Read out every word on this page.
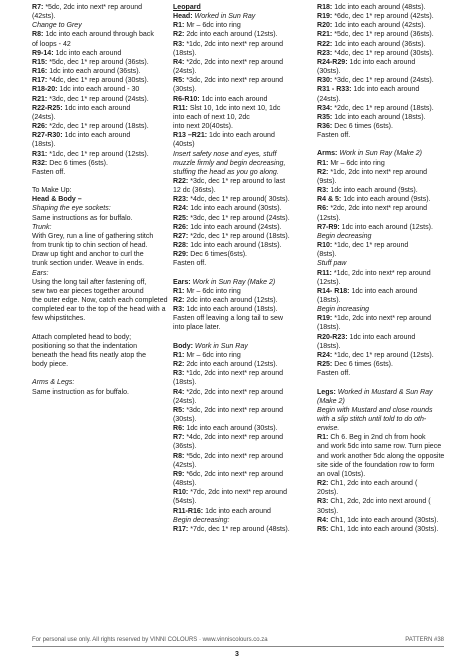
R7: *5dc, 2dc into next* rep around
(42sts).
Change to Grey
R8: 1dc into each around through back
of loops - 42
R9-14: 1dc into each around
R15: *5dc, dec 1* rep around (36sts).
R16: 1dc into each around (36sts).
R17: *4dc, dec 1* rep around (30sts).
R18-20: 1dc into each around - 30
R21: *3dc, dec 1* rep around (24sts).
R22-R25: 1dc into each around
(24sts).
R26: *2dc, dec 1* rep around (18sts).
R27-R30: 1dc into each around
(18sts).
R31: *1dc, dec 1* rep around (12sts).
R32: Dec 6 times (6sts).
Fasten off.
To Make Up:
Head & Body –
Shaping the eye sockets:
Same instructions as for buffalo.
Trunk:
With Grey, run a line of gathering stitch
from trunk tip to chin section of head.
Draw up tight and anchor to curl the
trunk section under. Weave in ends.
Ears:
Using the long tail after fastening off,
sew two ear pieces together around
the outer edge. Now, catch each completed
completed ear to the top of the head with a
few whipstitches.
Attach completed head to body;
positioning so that the indentation
beneath the head fits neatly atop the
body piece.
Arms & Legs:
Same instruction as for buffalo.
Leopard
Head: Worked in Sun Ray
R1: Mr – 6dc into ring
R2: 2dc into each around (12sts).
R3: *1dc, 2dc into next* rep around
(18sts).
R4: *2dc, 2dc into next* rep around
(24sts).
R5: *3dc, 2dc into next* rep around
(30sts).
R6-R10: 1dc into each around
R11: Slst 10, 1dc into next 10, 1dc
into each of next 10, 2dc
into next 20(40sts).
R13 –R21: 1dc into each around
(40sts)
Insert safety nose and eyes, stuff
muzzle firmly and begin decreasing,
stuffing the head as you go along.
R22: *3dc, dec 1* rep around to last
12 dc (36sts).
R23: *4dc, dec 1* rep around( 30sts).
R24: 1dc into each around (30sts).
R25: *3dc, dec 1* rep around (24sts).
R26: 1dc into each around (24sts).
R27: *2dc, dec 1* rep around (18sts).
R28: 1dc into each around (18sts).
R29: Dec 6 times(6sts).
Fasten off.
Ears: Work in Sun Ray (Make 2)
R1: Mr – 6dc into ring
R2: 2dc into each around (12sts).
R3: 1dc into each around (18sts).
Fasten off leaving a long tail to sew
into place later.
Body: Work in Sun Ray
R1: Mr – 6dc into ring
R2: 2dc into each around (12sts).
R3: *1dc, 2dc into next* rep around
(18sts).
R4: *2dc, 2dc into next* rep around
(24sts).
R5: *3dc, 2dc into next* rep around
(30sts).
R6: 1dc into each around (30sts).
R7: *4dc, 2dc into next* rep around
(36sts).
R8: *5dc, 2dc into next* rep around
(42sts).
R9: *6dc, 2dc into next* rep around
(48sts).
R10: *7dc, 2dc into next* rep around
(54sts).
R11-R16: 1dc into each around
Begin decreasing:
R17: *7dc, dec 1* rep around (48sts).
R18: 1dc into each around (48sts).
R19: *6dc, dec 1* rep around (42sts).
R20: 1dc into each around (42sts).
R21: *5dc, dec 1* rep around (36sts).
R22: 1dc into each around (36sts).
R23: *4dc, dec 1* rep around (30sts).
R24-R29: 1dc into each around
(30sts).
R30: *3dc, dec 1* rep around (24sts).
R31 - R33: 1dc into each around
(24sts).
R34: *2dc, dec 1* rep around (18sts).
R35: 1dc into each around (18sts).
R36: Dec 6 times (6sts).
Fasten off.
Arms: Work in Sun Ray (Make 2)
R1: Mr – 6dc into ring
R2: *1dc, 2dc into next* rep around
(9sts).
R3: 1dc into each around (9sts).
R4 & 5: 1dc into each around (9sts).
R6: *2dc, 2dc into next* rep around
(12sts).
R7-R9: 1dc into each around (12sts).
Begin decreasing
R10: *1dc, dec 1* rep around
(8sts).
Stuff paw
R11: *1dc, 2dc into next* rep around
(12sts).
R14- R18: 1dc into each around
(18sts).
Begin increasing
R19: *1dc, 2dc into next* rep around
(18sts).
R20-R23: 1dc into each around
(18sts).
R24: *1dc, dec 1* rep around (12sts).
R25: Dec 6 times (6sts).
Fasten off.
Legs: Worked in Mustard & Sun Ray
(Make 2)
Begin with Mustard and close rounds
with a slip stitch until told to do oth-
erwise.
R1: Ch 6. Beg in 2nd ch from hook
and work 5dc into same row. Turn piece
and work another 5dc along the opposite
site side of the foundation row to form
an oval (10sts).
R2: Ch1, 2dc into each around (
20sts).
R3: Ch1, 2dc, 2dc into next around (
30sts).
R4: Ch1, 1dc into each around (30sts).
R5: Ch1, 1dc into each around (30sts).
For personal use only. All rights reserved by VINNI COLOURS · www.vinniscolours.co.za	PATTERN #38
3
